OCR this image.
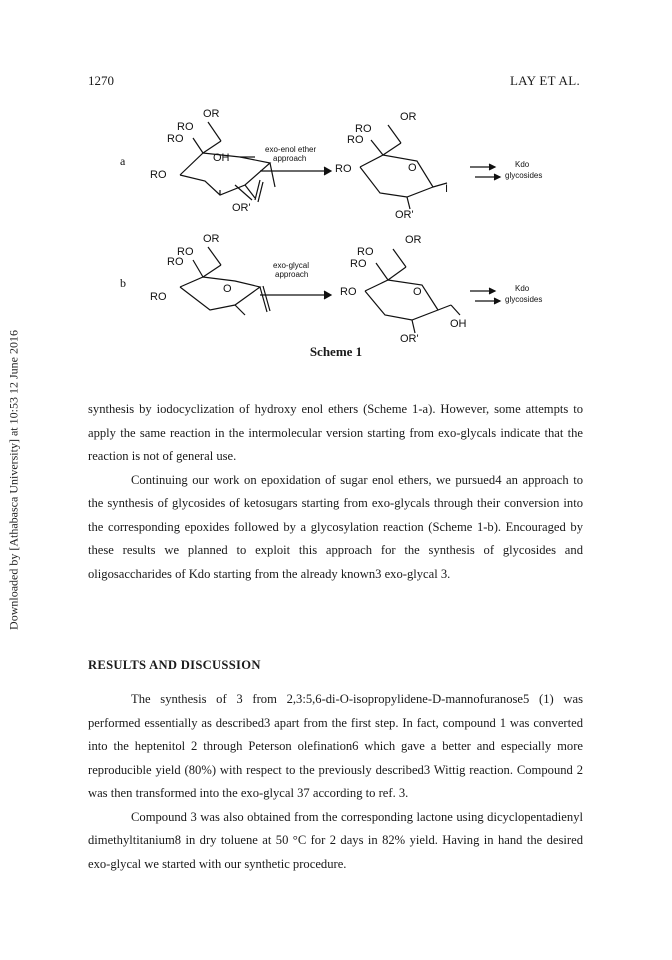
1270	LAY ET AL.
Downloaded by [Athabasca University] at 10:53 12 June 2016
a
b
RO
OR
RO
OH
RO
OR'
exo-enol ether
approach
RO
OR
RO
RO	O
I
OR'
Kdo
glycosides
RO
OR
RO
RO
O
exo-glycal
approach
RO
OR
RO
RO	O
OH
OR'
Kdo
glycosides
Scheme 1

synthesis by iodocyclization of hydroxy enol ethers (Scheme 1-a). However, some attempts to apply the same reaction in the intermolecular version starting from exo-glycals indicate that the reaction is not of general use.

Continuing our work on epoxidation of sugar enol ethers, we pursued4 an approach to the synthesis of glycosides of ketosugars starting from exo-glycals through their conversion into the corresponding epoxides followed by a glycosylation reaction (Scheme 1-b). Encouraged by these results we planned to exploit this approach for the synthesis of glycosides and oligosaccharides of Kdo starting from the already known3 exo-glycal 3.

RESULTS AND DISCUSSION

The synthesis of 3 from 2,3:5,6-di-O-isopropylidene-D-mannofuranose5 (1) was performed essentially as described3 apart from the first step. In fact, compound 1 was converted into the heptenitol 2 through Peterson olefination6 which gave a better and especially more reproducible yield (80%) with respect to the previously described3 Wittig reaction. Compound 2 was then transformed into the exo-glycal 37 according to ref. 3.

Compound 3 was also obtained from the corresponding lactone using dicyclopentadienyl dimethyltitanium8 in dry toluene at 50 °C for 2 days in 82% yield. Having in hand the desired exo-glycal we started with our synthetic procedure.
